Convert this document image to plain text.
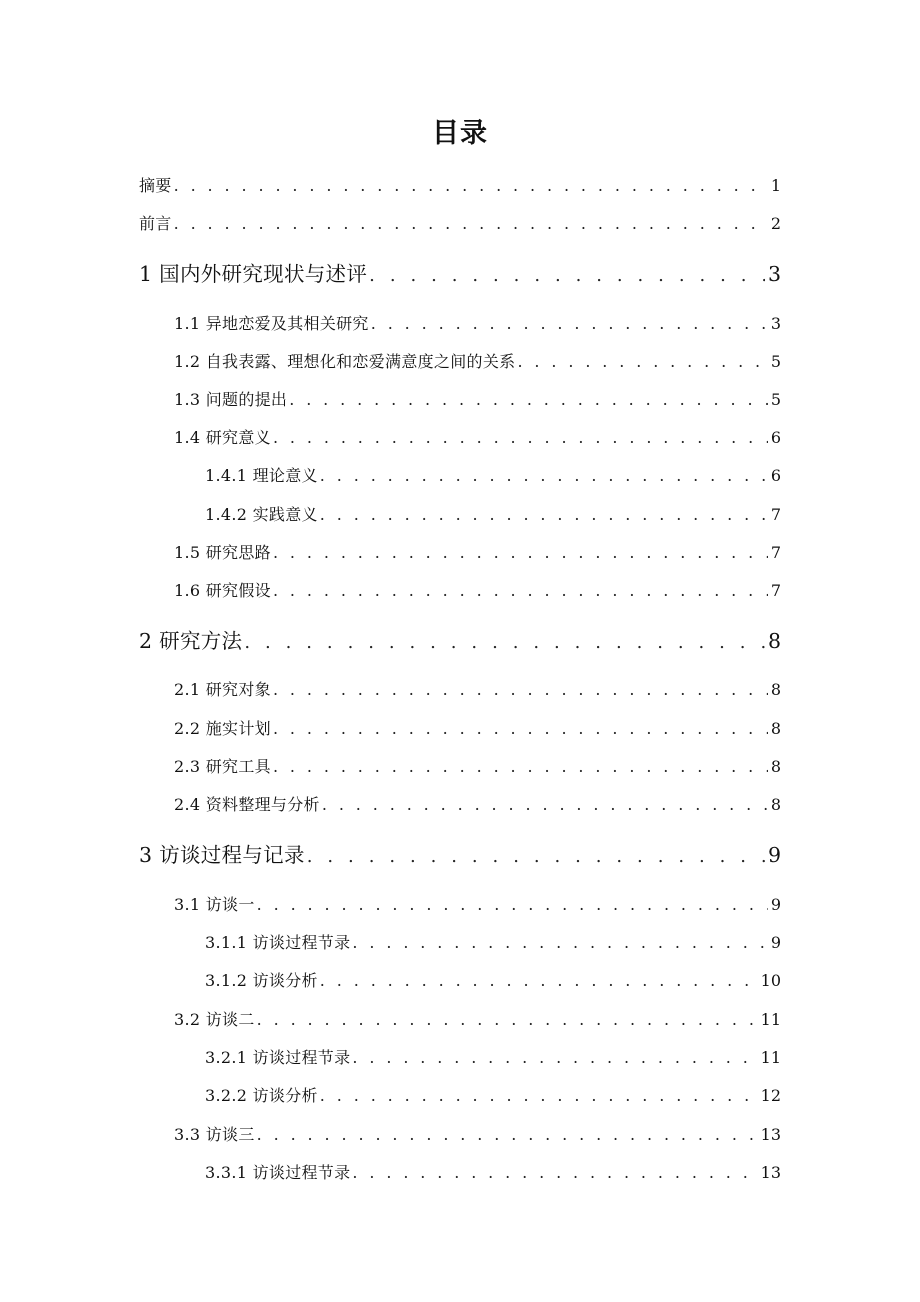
目录
摘要 . . .	1
前言 . . .	2
1 国内外研究现状与述评 . . .	3
1.1 异地恋爱及其相关研究 . . .	3
1.2 自我表露、理想化和恋爱满意度之间的关系 . . .	5
1.3 问题的提出 . . .	5
1.4 研究意义 . . .	6
1.4.1 理论意义 . . .	6
1.4.2 实践意义 . . .	7
1.5 研究思路 . . .	7
1.6 研究假设 . . .	7
2 研究方法 . . .	8
2.1 研究对象 . . .	8
2.2 施实计划 . . .	8
2.3 研究工具 . . .	8
2.4 资料整理与分析 . . .	8
3 访谈过程与记录 . . .	9
3.1 访谈一 . . .	9
3.1.1 访谈过程节录 . . .	9
3.1.2 访谈分析 . . .	10
3.2 访谈二 . . .	11
3.2.1 访谈过程节录 . . .	11
3.2.2 访谈分析 . . .	12
3.3 访谈三 . . .	13
3.3.1 访谈过程节录 . . .	13
